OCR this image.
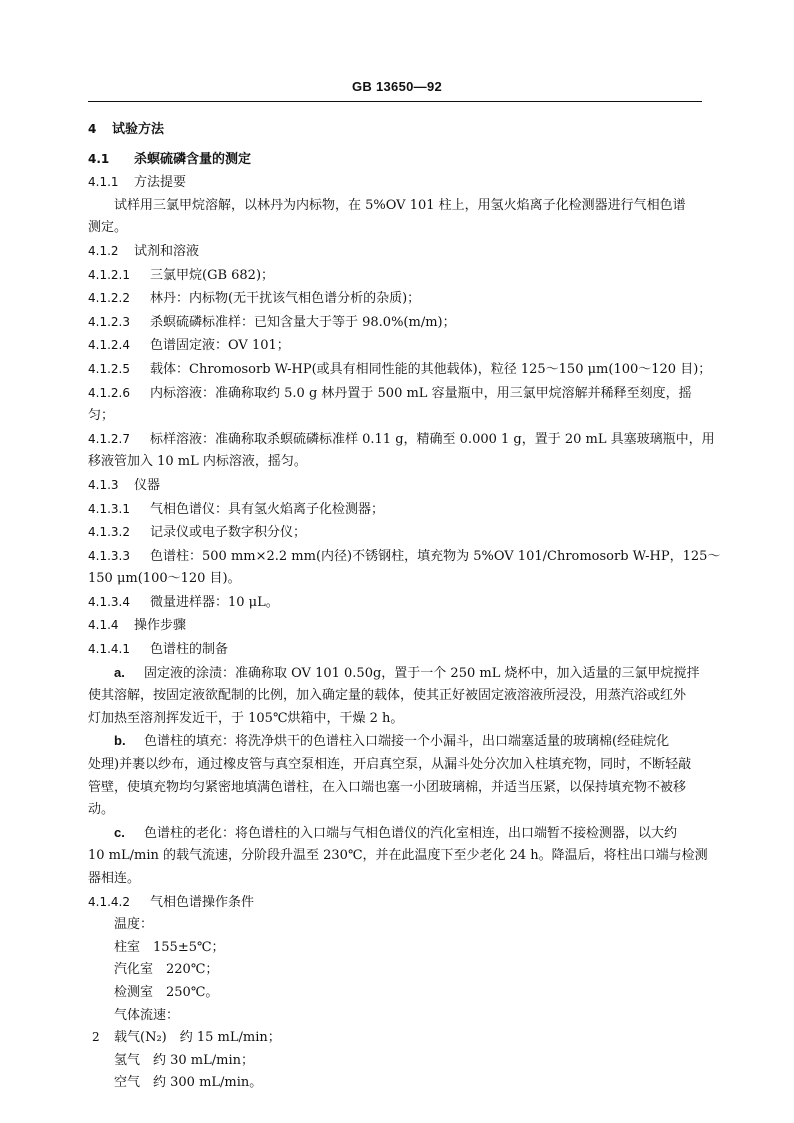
GB 13650—92
4 试验方法
4.1 杀螟硫磷含量的测定
4.1.1 方法提要
试样用三氯甲烷溶解，以林丹为内标物，在 5%OV 101 柱上，用氢火焰离子化检测器进行气相色谱
测定。
4.1.2 试剂和溶液
4.1.2.1 三氯甲烷(GB 682)；
4.1.2.2 林丹：内标物(无干扰该气相色谱分析的杂质)；
4.1.2.3 杀螟硫磷标准样：已知含量大于等于 98.0%(m/m)；
4.1.2.4 色谱固定液：OV 101；
4.1.2.5 载体：Chromosorb W-HP(或具有相同性能的其他载体)，粒径 125～150 μm(100～120 目)；
4.1.2.6 内标溶液：准确称取约 5.0 g 林丹置于 500 mL 容量瓶中，用三氯甲烷溶解并稀释至刻度，摇
匀；
4.1.2.7 标样溶液：准确称取杀螟硫磷标准样 0.11 g，精确至 0.000 1 g，置于 20 mL 具塞玻璃瓶中，用
移液管加入 10 mL 内标溶液，摇匀。
4.1.3 仪器
4.1.3.1 气相色谱仪：具有氢火焰离子化检测器；
4.1.3.2 记录仪或电子数字积分仪；
4.1.3.3 色谱柱：500 mm×2.2 mm(内径)不锈钢柱，填充物为 5%OV 101/Chromosorb W-HP，125～
150 μm(100～120 目)。
4.1.3.4 微量进样器：10 μL。
4.1.4 操作步骤
4.1.4.1 色谱柱的制备
a. 固定液的涂渍：准确称取 OV 101 0.50g，置于一个 250 mL 烧杯中，加入适量的三氯甲烷搅拌
使其溶解，按固定液欲配制的比例，加入确定量的载体，使其正好被固定液溶液所浸没，用蒸汽浴或红外
灯加热至溶剂挥发近干，于 105℃烘箱中，干燥 2 h。
b. 色谱柱的填充：将洗净烘干的色谱柱入口端接一个小漏斗，出口端塞适量的玻璃棉(经硅烷化
处理)并裹以纱布，通过橡皮管与真空泵相连，开启真空泵，从漏斗处分次加入柱填充物，同时，不断轻敲
管壁，使填充物均匀紧密地填满色谱柱，在入口端也塞一小团玻璃棉，并适当压紧，以保持填充物不被移
动。
c. 色谱柱的老化：将色谱柱的入口端与气相色谱仪的汽化室相连，出口端暂不接检测器，以大约
10 mL/min 的载气流速，分阶段升温至 230℃，并在此温度下至少老化 24 h。降温后，将柱出口端与检测
器相连。
4.1.4.2 气相色谱操作条件
温度：
柱室　155±5℃；
汽化室　220℃；
检测室　250℃。
气体流速：
载气(N₂)　约 15 mL/min；
氢气　约 30 mL/min；
空气　约 300 mL/min。
2
